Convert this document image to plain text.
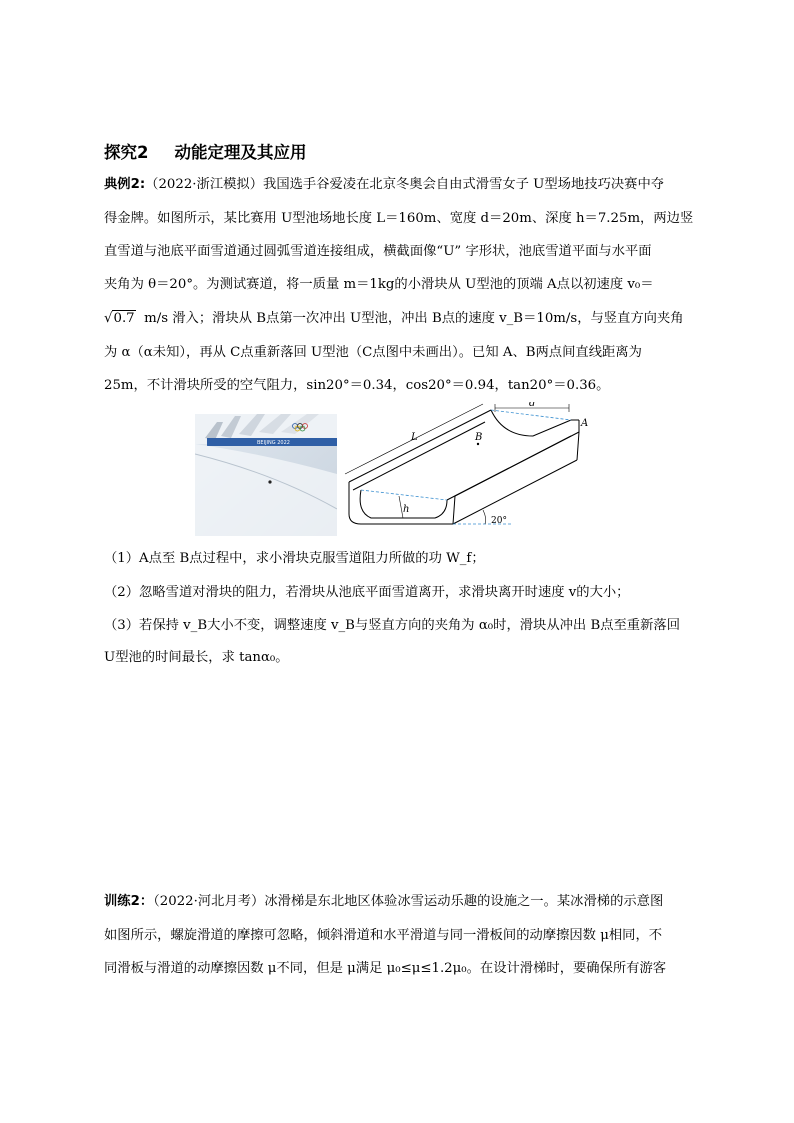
探究2 动能定理及其应用
典例2:（2022·浙江模拟）我国选手谷爱凌在北京冬奥会自由式滑雪女子 U型场地技巧决赛中夺
得金牌。如图所示，某比赛用 U型池场地长度 L＝160m、宽度 d＝20m、深度 h＝7.25m，两边竖
直雪道与池底平面雪道通过圆弧雪道连接组成，横截面像“U” 字形状，池底雪道平面与水平面
夹角为 θ＝20°。为测试赛道，将一质量 m＝1kg的小滑块从 U型池的顶端 A点以初速度 v₀＝
√0.7 m/s 滑入；滑块从 B点第一次冲出 U型池，冲出 B点的速度 v_B＝10m/s，与竖直方向夹角
为 α（α未知），再从 C点重新落回 U型池（C点图中未画出）。已知 A、B两点间直线距离为
25m，不计滑块所受的空气阻力，sin20°＝0.34，cos20°＝0.94，tan20°＝0.36。
BEIJING 2022	L
d
A
B
h
20°
（1）A点至 B点过程中，求小滑块克服雪道阻力所做的功 W_f；
（2）忽略雪道对滑块的阻力，若滑块从池底平面雪道离开，求滑块离开时速度 v的大小；
（3）若保持 v_B大小不变，调整速度 v_B与竖直方向的夹角为 α₀时，滑块从冲出 B点至重新落回
U型池的时间最长，求 tanα₀。
训练2：（2022·河北月考）冰滑梯是东北地区体验冰雪运动乐趣的设施之一。某冰滑梯的示意图
如图所示，螺旋滑道的摩擦可忽略，倾斜滑道和水平滑道与同一滑板间的动摩擦因数 μ相同，不
同滑板与滑道的动摩擦因数 μ不同，但是 μ满足 μ₀≤μ≤1.2μ₀。在设计滑梯时，要确保所有游客
